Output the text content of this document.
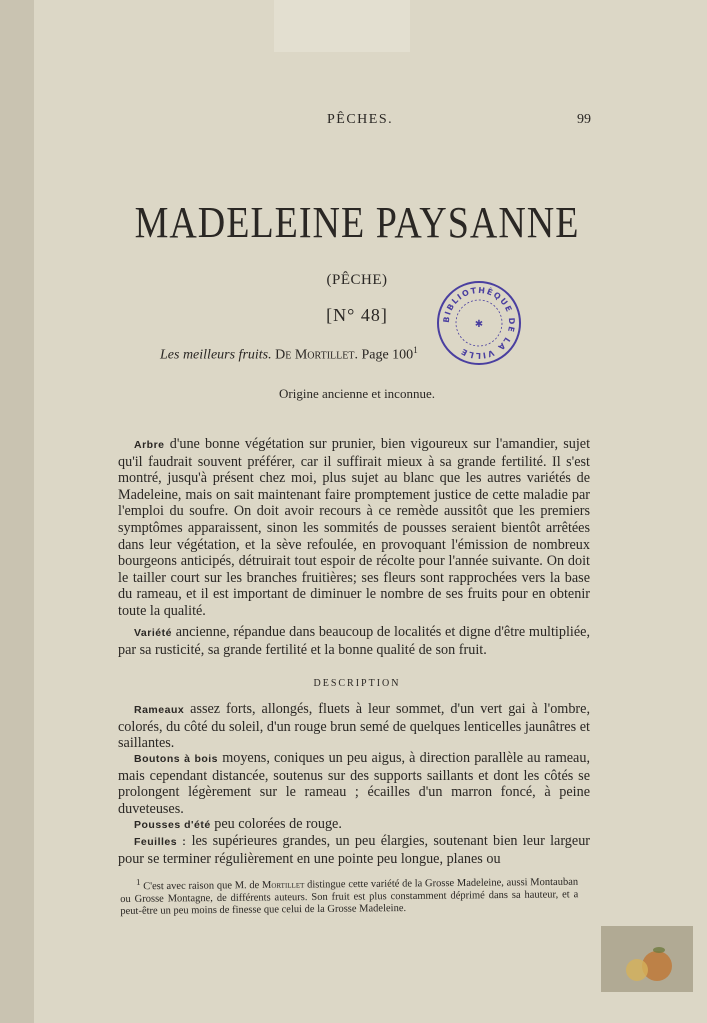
PÊCHES.	99
MADELEINE PAYSANNE
(PÊCHE)
[N° 48]	BIBLIOTHÈQUE DE LA VILLE
✱
Les meilleurs fruits. De Mortillet. Page $100^1$
Origine ancienne et inconnue.
Arbre d'une bonne végétation sur prunier, bien vigoureux sur l'amandier, sujet qu'il faudrait souvent préférer, car il suffirait mieux à sa grande fertilité. Il s'est montré, jusqu'à présent chez moi, plus sujet au blanc que les autres variétés de Madeleine, mais on sait maintenant faire promptement justice de cette maladie par l'emploi du soufre. On doit avoir recours à ce remède aussitôt que les premiers symptômes apparaissent, sinon les sommités de pousses seraient bientôt arrêtées dans leur végétation, et la sève refoulée, en provoquant l'émission de nombreux bourgeons anticipés, détruirait tout espoir de récolte pour l'année suivante. On doit le tailler court sur les branches fruitières; ses fleurs sont rapprochées vers la base du rameau, et il est important de diminuer le nombre de ses fruits pour en obtenir toute la qualité.
Variété ancienne, répandue dans beaucoup de localités et digne d'être multipliée, par sa rusticité, sa grande fertilité et la bonne qualité de son fruit.
DESCRIPTION
Rameaux assez forts, allongés, fluets à leur sommet, d'un vert gai à l'ombre, colorés, du côté du soleil, d'un rouge brun semé de quelques lenticelles jaunâtres et saillantes.
Boutons à bois moyens, coniques un peu aigus, à direction parallèle au rameau, mais cependant distancée, soutenus sur des supports saillants et dont les côtés se prolongent légèrement sur le rameau ; écailles d'un marron foncé, à peine duveteuses.
Pousses d'été peu colorées de rouge.
Feuilles : les supérieures grandes, un peu élargies, soutenant bien leur largeur pour se terminer régulièrement en une pointe peu longue, planes ou
$^1$ C'est avec raison que M. de Mortillet distingue cette variété de la Grosse Madeleine, aussi Montauban ou Grosse Montagne, de différents auteurs. Son fruit est plus constamment déprimé dans sa hauteur, et a peut-être un peu moins de finesse que celui de la Grosse Madeleine.
